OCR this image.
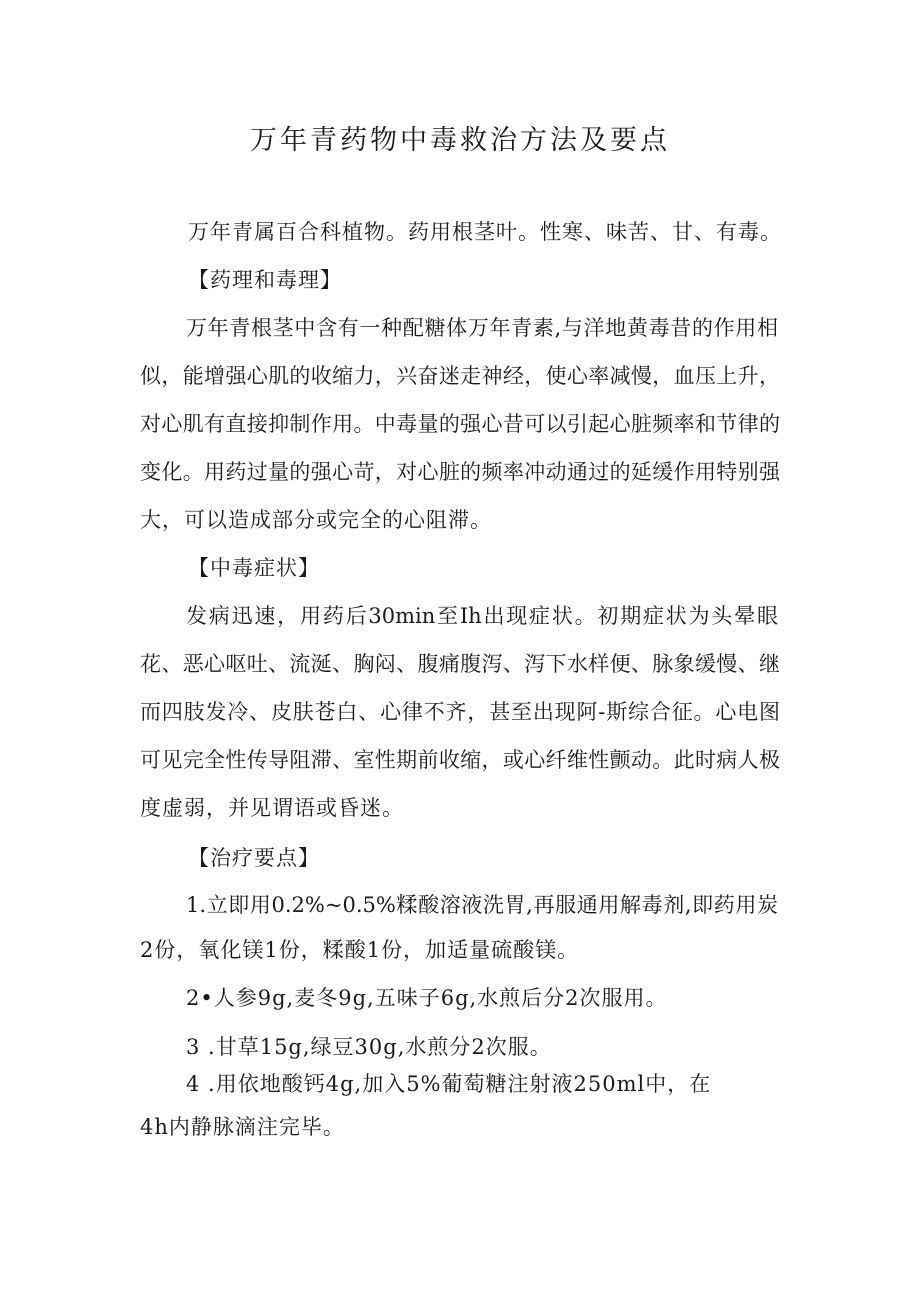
万年青药物中毒救治方法及要点
万年青属百合科植物。药用根茎叶。性寒、味苦、甘、有毒。
【药理和毒理】
万年青根茎中含有一种配糖体万年青素,与洋地黄毒昔的作用相
似，能增强心肌的收缩力，兴奋迷走神经，使心率减慢，血压上升，
对心肌有直接抑制作用。中毒量的强心昔可以引起心脏频率和节律的
变化。用药过量的强心苛，对心脏的频率冲动通过的延缓作用特别强
大，可以造成部分或完全的心阻滞。
【中毒症状】
发病迅速，用药后30min至Ih出现症状。初期症状为头晕眼
花、恶心呕吐、流涎、胸闷、腹痛腹泻、泻下水样便、脉象缓慢、继
而四肢发冷、皮肤苍白、心律不齐，甚至出现阿-斯综合征。心电图
可见完全性传导阻滞、室性期前收缩，或心纤维性颤动。此时病人极
度虚弱，并见谓语或昏迷。
【治疗要点】
1.立即用0.2%~0.5%糅酸溶液洗胃,再服通用解毒剂,即药用炭
2份，氧化镁1份，糅酸1份，加适量硫酸镁。
2•人参9g,麦冬9g,五味子6g,水煎后分2次服用。
3 .甘草15g,绿豆30g,水煎分2次服。
4 .用依地酸钙4g,加入5%葡萄糖注射液250ml中，在
4h内静脉滴注完毕。
